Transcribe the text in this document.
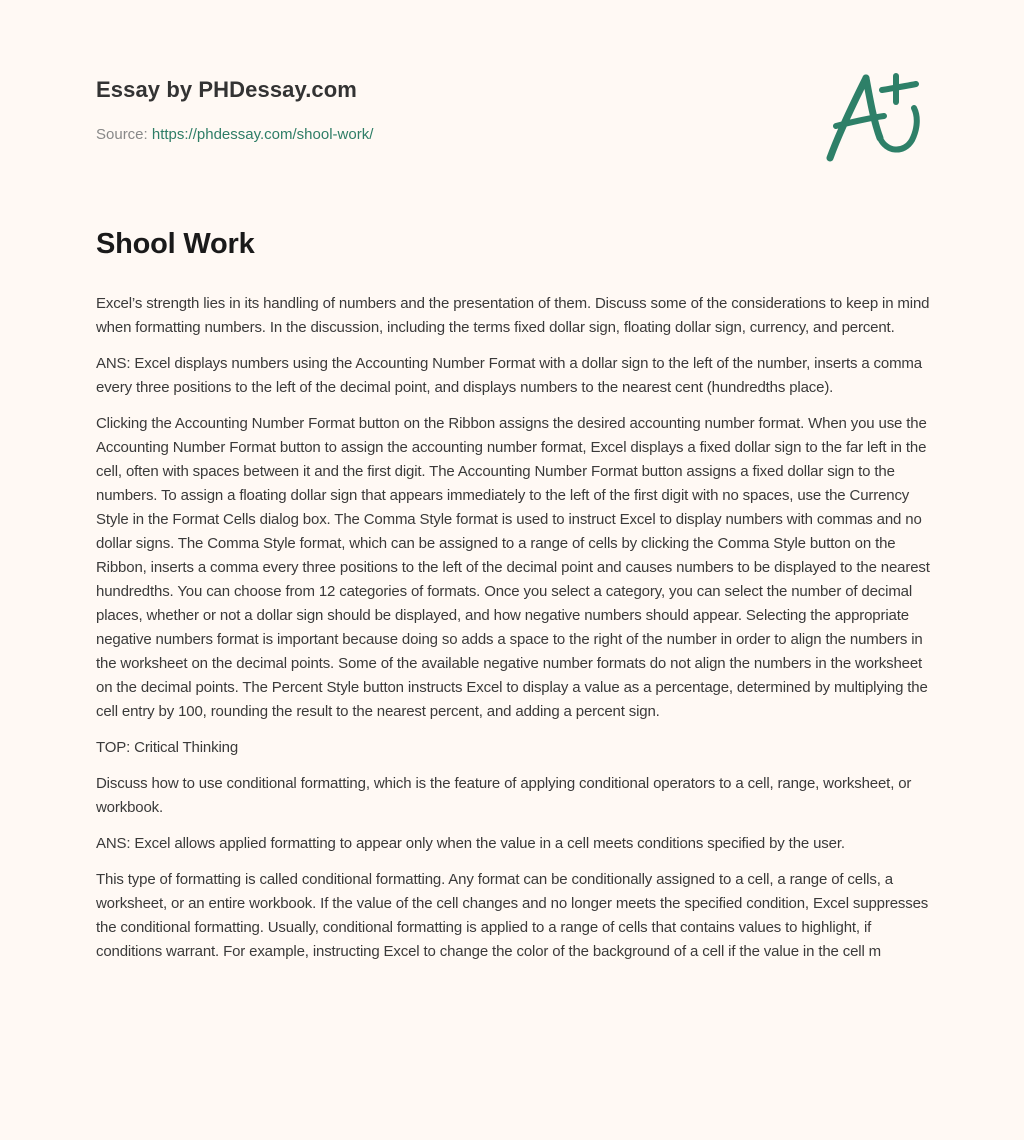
Essay by PHDessay.com
Source: https://phdessay.com/shool-work/
Shool Work

Excel’s strength lies in its handling of numbers and the presentation of them. Discuss some of the considerations to keep in mind when formatting numbers. In the discussion, including the terms fixed dollar sign, floating dollar sign, currency, and percent.

ANS: Excel displays numbers using the Accounting Number Format with a dollar sign to the left of the number, inserts a comma every three positions to the left of the decimal point, and displays numbers to the nearest cent (hundredths place).

Clicking the Accounting Number Format button on the Ribbon assigns the desired accounting number format. When you use the Accounting Number Format button to assign the accounting number format, Excel displays a fixed dollar sign to the far left in the cell, often with spaces between it and the first digit. The Accounting Number Format button assigns a fixed dollar sign to the numbers. To assign a floating dollar sign that appears immediately to the left of the first digit with no spaces, use the Currency Style in the Format Cells dialog box. The Comma Style format is used to instruct Excel to display numbers with commas and no dollar signs. The Comma Style format, which can be assigned to a range of cells by clicking the Comma Style button on the Ribbon, inserts a comma every three positions to the left of the decimal point and causes numbers to be displayed to the nearest hundredths. You can choose from 12 categories of formats. Once you select a category, you can select the number of decimal places, whether or not a dollar sign should be displayed, and how negative numbers should appear. Selecting the appropriate negative numbers format is important because doing so adds a space to the right of the number in order to align the numbers in the worksheet on the decimal points. Some of the available negative number formats do not align the numbers in the worksheet on the decimal points. The Percent Style button instructs Excel to display a value as a percentage, determined by multiplying the cell entry by 100, rounding the result to the nearest percent, and adding a percent sign.

TOP: Critical Thinking

Discuss how to use conditional formatting, which is the feature of applying conditional operators to a cell, range, worksheet, or workbook.

ANS: Excel allows applied formatting to appear only when the value in a cell meets conditions specified by the user.

This type of formatting is called conditional formatting. Any format can be conditionally assigned to a cell, a range of cells, a worksheet, or an entire workbook. If the value of the cell changes and no longer meets the specified condition, Excel suppresses the conditional formatting. Usually, conditional formatting is applied to a range of cells that contains values to highlight, if conditions warrant. For example, instructing Excel to change the color of the background of a cell if the value in the cell m
